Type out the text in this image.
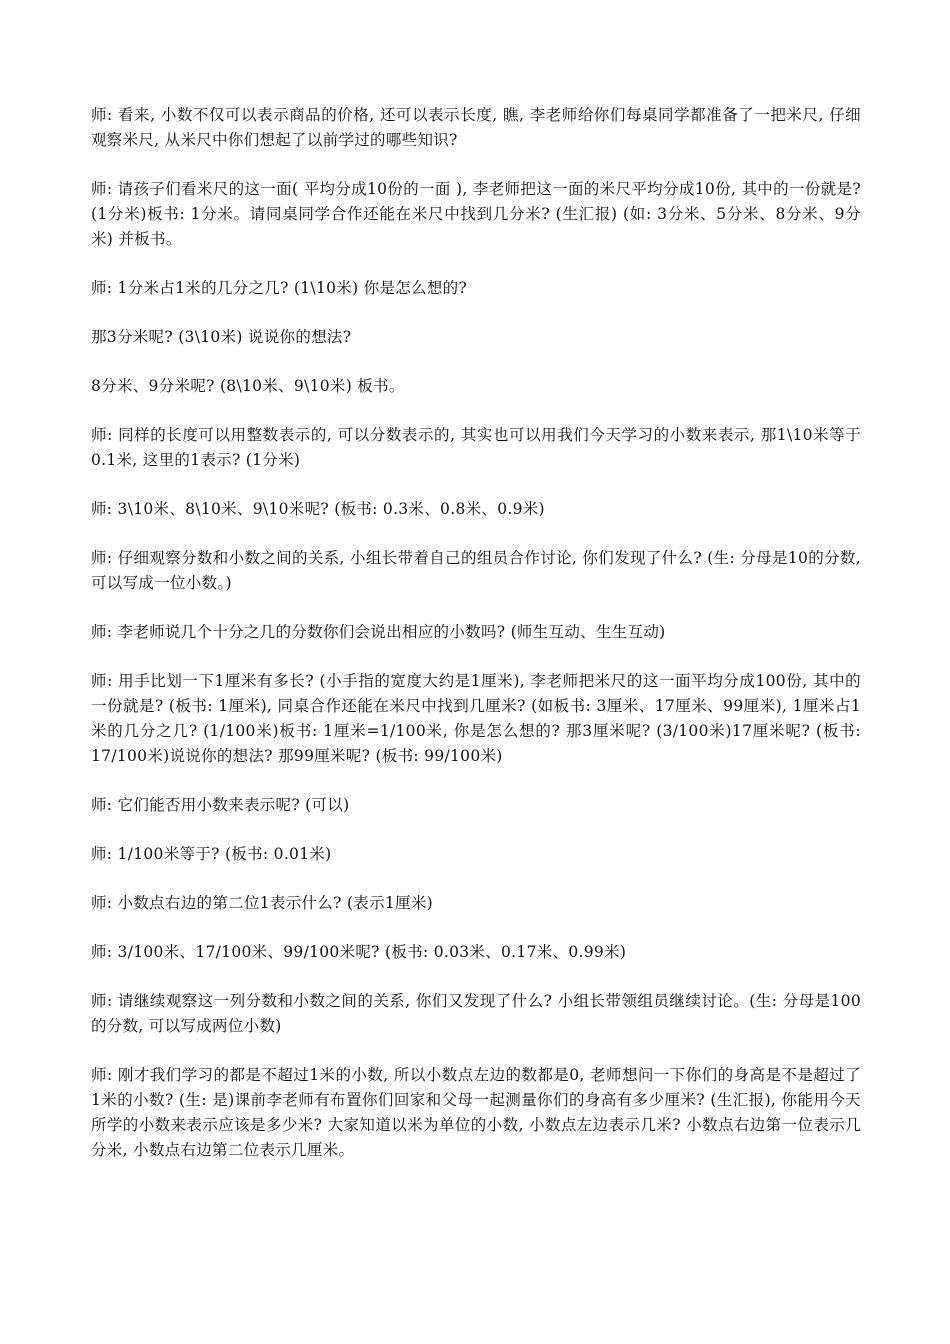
师: 看来, 小数不仅可以表示商品的价格, 还可以表示长度, 瞧, 李老师给你们每桌同学都准备了一把米尺, 仔细观察米尺, 从米尺中你们想起了以前学过的哪些知识?

师: 请孩子们看米尺的这一面( 平均分成10份的一面 ), 李老师把这一面的米尺平均分成10份, 其中的一份就是? (1分米)板书: 1分米。请同桌同学合作还能在米尺中找到几分米? (生汇报) (如: 3分米、5分米、8分米、9分米) 并板书。

师: 1分米占1米的几分之几? (1\10米) 你是怎么想的?

那3分米呢? (3\10米) 说说你的想法?

8分米、9分米呢? (8\10米、9\10米) 板书。

师: 同样的长度可以用整数表示的, 可以分数表示的, 其实也可以用我们今天学习的小数来表示, 那1\10米等于0.1米, 这里的1表示? (1分米)

师: 3\10米、8\10米、9\10米呢? (板书: 0.3米、0.8米、0.9米)

师: 仔细观察分数和小数之间的关系, 小组长带着自己的组员合作讨论, 你们发现了什么? (生: 分母是10的分数, 可以写成一位小数。)

师: 李老师说几个十分之几的分数你们会说出相应的小数吗? (师生互动、生生互动)

师: 用手比划一下1厘米有多长? (小手指的宽度大约是1厘米), 李老师把米尺的这一面平均分成100份, 其中的一份就是? (板书: 1厘米), 同桌合作还能在米尺中找到几厘米? (如板书: 3厘米、17厘米、99厘米), 1厘米占1米的几分之几? (1/100米)板书: 1厘米=1/100米, 你是怎么想的? 那3厘米呢? (3/100米)17厘米呢? (板书: 17/100米)说说你的想法? 那99厘米呢? (板书: 99/100米)

师: 它们能否用小数来表示呢? (可以)

师: 1/100米等于? (板书: 0.01米)

师: 小数点右边的第二位1表示什么? (表示1厘米)

师: 3/100米、17/100米、99/100米呢? (板书: 0.03米、0.17米、0.99米)

师: 请继续观察这一列分数和小数之间的关系, 你们又发现了什么? 小组长带领组员继续讨论。(生: 分母是100的分数, 可以写成两位小数)

师: 刚才我们学习的都是不超过1米的小数, 所以小数点左边的数都是0, 老师想问一下你们的身高是不是超过了1米的小数? (生: 是)课前李老师有布置你们回家和父母一起测量你们的身高有多少厘米? (生汇报), 你能用今天所学的小数来表示应该是多少米? 大家知道以米为单位的小数, 小数点左边表示几米? 小数点右边第一位表示几分米, 小数点右边第二位表示几厘米。
